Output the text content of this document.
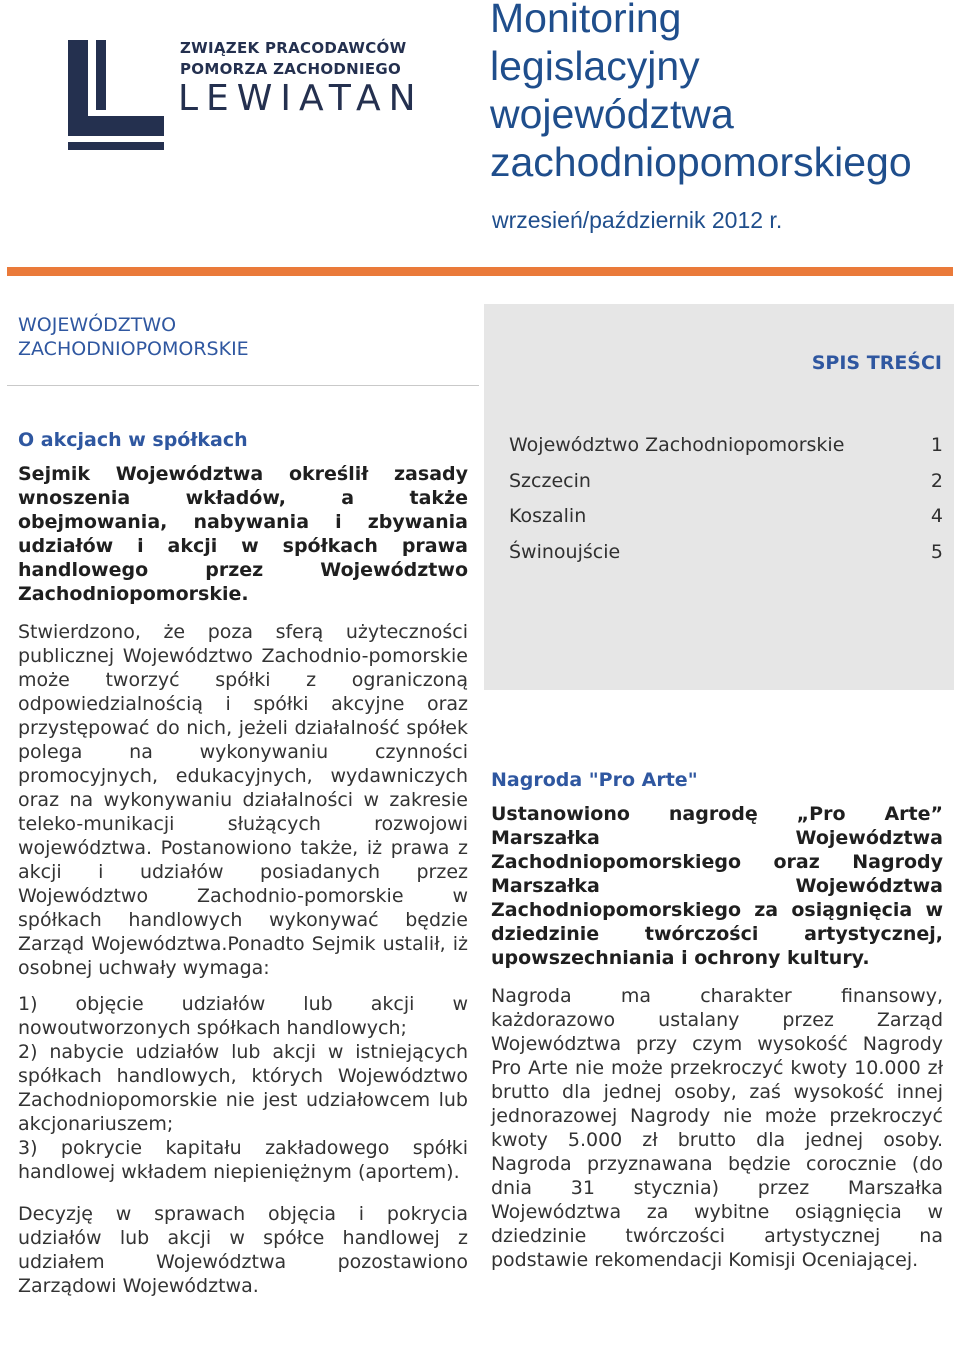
ZWIĄZEK PRACODAWCÓW
POMORZA ZACHODNIEGO
LEWIATAN
Monitoring
legislacyjny
województwa
zachodniopomorskiego
wrzesień/październik 2012 r.
WOJEWÓDZTWO
ZACHODNIOPOMORSKIE
SPIS TREŚCI
Województwo Zachodniopomorskie	1
Szczecin	2
Koszalin	4
Świnoujście	5
O akcjach w spółkach

Sejmik Województwa określił zasady wnoszenia wkładów, a także obejmowania, nabywania i zbywania udziałów i akcji w spółkach prawa handlowego przez Województwo Zachodniopomorskie.

Stwierdzono, że poza sferą użyteczności publicznej Województwo Zachodnio-pomorskie może tworzyć spółki z ograniczoną odpowiedzialnością i spółki akcyjne oraz przystępować do nich, jeżeli działalność spółek polega na wykonywaniu czynności promocyjnych, edukacyjnych, wydawniczych oraz na wykonywaniu działalności w zakresie teleko-munikacji służących rozwojowi województwa. Postanowiono także, iż prawa z akcji i udziałów posiadanych przez Województwo Zachodnio-pomorskie w spółkach handlowych wykonywać będzie Zarząd Województwa.Ponadto Sejmik ustalił, iż osobnej uchwały wymaga:

1) objęcie udziałów lub akcji w nowoutworzonych spółkach handlowych;

2) nabycie udziałów lub akcji w istniejących spółkach handlowych, których Województwo Zachodniopomorskie nie jest udziałowcem lub akcjonariuszem;

3) pokrycie kapitału zakładowego spółki handlowej wkładem niepieniężnym (aportem).

Decyzję w sprawach objęcia i pokrycia udziałów lub akcji w spółce handlowej z udziałem Województwa pozostawiono Zarządowi Województwa.

Nagroda "Pro Arte"

Ustanowiono nagrodę „Pro Arte” Marszałka Województwa Zachodniopomorskiego oraz Nagrody Marszałka Województwa Zachodniopomorskiego za osiągnięcia w dziedzinie twórczości artystycznej, upowszechniania i ochrony kultury.

Nagroda ma charakter finansowy, każdorazowo ustalany przez Zarząd Województwa przy czym wysokość Nagrody Pro Arte nie może przekroczyć kwoty 10.000 zł brutto dla jednej osoby, zaś wysokość innej jednorazowej Nagrody nie może przekroczyć kwoty 5.000 zł brutto dla jednej osoby. Nagroda przyznawana będzie corocznie (do dnia 31 stycznia) przez Marszałka Województwa za wybitne osiągnięcia w dziedzinie twórczości artystycznej na podstawie rekomendacji Komisji Oceniającej.
